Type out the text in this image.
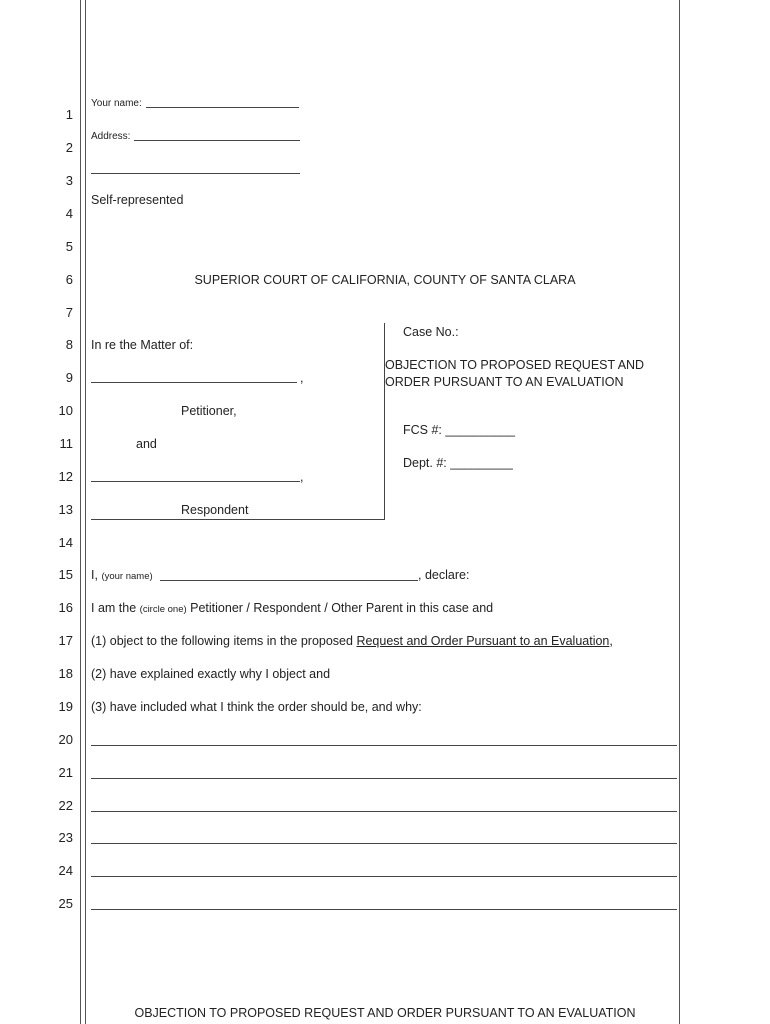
1
2
3
4
5
6
7
8
9
10
11
12
13
14
15
16
17
18
19
20
21
22
23
24
25
Your name:
Address:
Self-represented
SUPERIOR COURT OF CALIFORNIA, COUNTY OF SANTA CLARA
In re the Matter of:
,
Petitioner,
and
,
Respondent
Case No.:
OBJECTION TO PROPOSED REQUEST AND
ORDER PURSUANT TO AN EVALUATION
FCS #: __________
Dept. #: _________
I, (your name)	, declare:
I am the (circle one) Petitioner / Respondent / Other Parent in this case and
(1) object to the following items in the proposed Request and Order Pursuant to an Evaluation,
(2) have explained exactly why I object and
(3) have included what I think the order should be, and why:
OBJECTION TO PROPOSED REQUEST AND ORDER PURSUANT TO AN EVALUATION
